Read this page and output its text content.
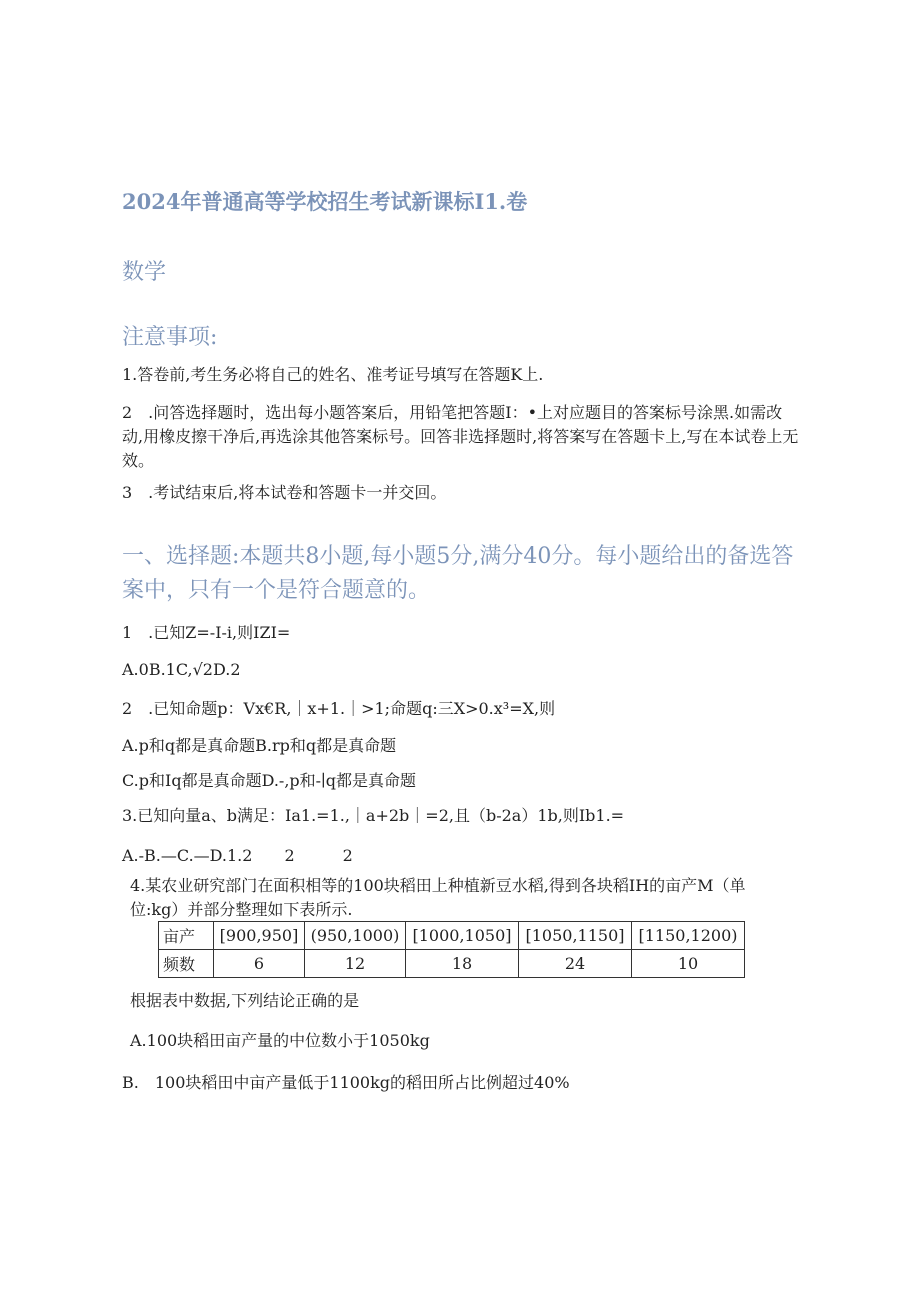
2024年普通高等学校招生考试新课标I1.卷
数学
注意事项:
1.答卷前,考生务必将自己的姓名、准考证号填写在答题K上.
2　.问答选择题时，选出每小题答案后，用铅笔把答题I：•上对应题目的答案标号涂黑.如需改动,用橡皮擦干净后,再选涂其他答案标号。回答非选择题时,将答案写在答题卡上,写在本试卷上无效。
3　.考试结束后,将本试卷和答题卡一并交回。
一、选择题:本题共8小题,每小题5分,满分40分。每小题给出的备选答案中，只有一个是符合题意的。
1　.已知Z=-I-i,则IZI=
A.0B.1C,√2D.2
2　.已知命题p：Vx€R,｜x+1.｜>1;命题q:三X>0.x³=X,则
A.p和q都是真命题B.rp和q都是真命题
C.p和Iq都是真命题D.-,p和-∣q都是真命题
3.已知向量a、b满足：Ia1.=1.,｜a+2b｜=2,且（b-2a）1b,则Ib1.=
A.-B.—C.—D.1.2　　2　　　2
4.某农业研究部门在面积相等的100块稻田上种植新豆水稻,得到各块稻IH的亩产M（单位:kg）并部分整理如下表所示.
亩产	[900,950]	(950,1000)	[1000,1050]	[1050,1150]	[1150,1200)
频数	6	12	18	24	10
根据表中数据,下列结论正确的是
A.100块稻田亩产量的中位数小于1050kg
B.　100块稻田中亩产量低于1100kg的稻田所占比例超过40%
